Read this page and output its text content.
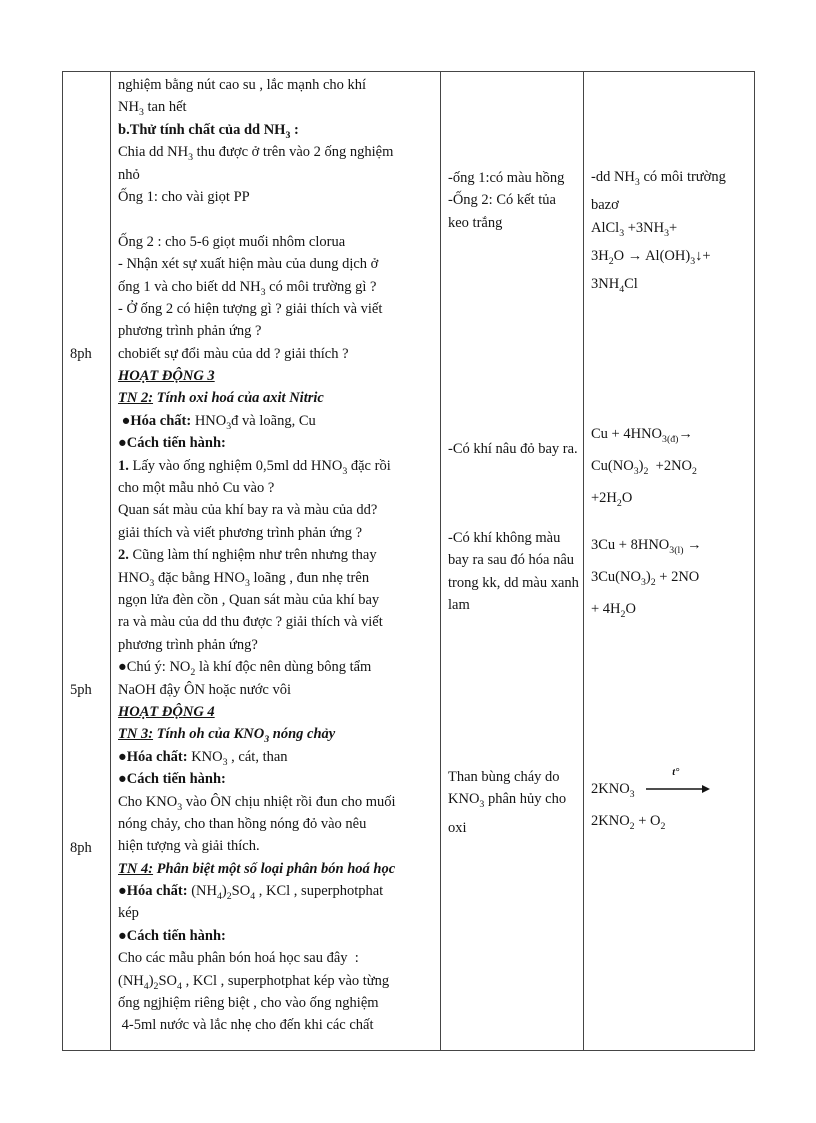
8ph
5ph
8ph
nghiệm bằng nút cao su , lắc mạnh cho khí
$NH_3$ tan hết
b.Thử tính chất của dd $NH_3$ :
Chia dd $NH_3$ thu được ở trên vào 2 ống nghiệm
nhỏ
Ống 1: cho vài giọt PP

Ống 2 : cho 5-6 giọt muối nhôm clorua
- Nhận xét sự xuất hiện màu của dung dịch ở
ống 1 và cho biết dd $NH_3$ có môi trường gì ?
- Ở ống 2 có hiện tượng gì ? giải thích và viết
phương trình phản ứng ?
chobiết sự đổi màu của dd ? giải thích ?
HOẠT ĐỘNG 3
TN 2: Tính oxi hoá của axit Nitric
●Hóa chất: $HNO_3đ$ và loãng, Cu
●Cách tiến hành:
1. Lấy vào ống nghiệm 0,5ml dd $HNO_3$ đặc rồi
cho một mẫu nhỏ Cu vào ?
Quan sát màu của khí bay ra và màu của dd?
giải thích và viết phương trình phản ứng ?
2. Cũng làm thí nghiệm như trên nhưng thay
$HNO_3$ đặc bằng $HNO_3$ loãng , đun nhẹ trên
ngọn lửa đèn cồn , Quan sát màu của khí bay
ra và màu của dd thu được ? giải thích và viết
phương trình phản ứng?
●Chú ý: $NO_2$ là khí độc nên dùng bông tẩm
NaOH đậy ÔN hoặc nước vôi
HOẠT ĐỘNG 4
TN 3: Tính oh của $KNO_3$ nóng chảy
●Hóa chất: $KNO_3$ , cát, than
●Cách tiến hành:
Cho $KNO_3$ vào ÔN chịu nhiệt rồi đun cho muối
nóng chảy, cho than hồng nóng đỏ vào nêu
hiện tượng và giải thích.
TN 4: Phân biệt một số loại phân bón hoá học
●Hóa chất: $(NH_4)_2SO_4$ , KCl , superphotphat
kép
●Cách tiến hành:
Cho các mẫu phân bón hoá học sau đây  :
$(NH_4)_2SO_4$ , KCl , superphotphat kép vào từng
ống ngjhiệm riêng biệt , cho vào ống nghiệm
4-5ml nước và lắc nhẹ cho đến khi các chất
-ống 1:có màu hồng
-Ống 2: Có kết tủa keo trắng
-Có khí nâu đỏ bay ra.
-Có khí không màu bay ra sau đó hóa nâu trong kk, dd màu xanh lam
Than bùng cháy do $KNO_3$ phân hủy cho oxi
-dd $NH_3$ có môi trường bazơ
AlCl$_3$ $+3NH_3+$
$3H_2O$ → $Al(OH)_3↓+$
$3NH_4Cl$
$Cu + 4HNO_{3(đ)}\to$
$Cu(NO_3)_2 +2NO_2$
$+2H_2O$
$3Cu + 8HNO_{3(l)}$ →
$3Cu(NO_3)_2 + 2NO$
+ $4H_2O$
$2KNO_3$
t°
$2KNO_2 + O_2$
